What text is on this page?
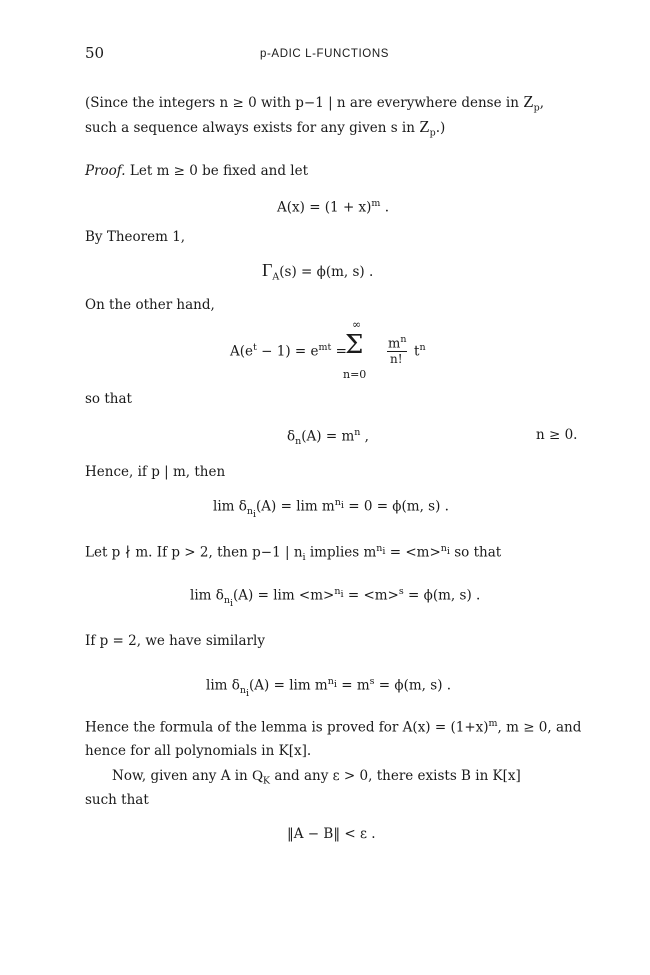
50	p-ADIC L-FUNCTIONS
(Since the integers n ≥ 0 with p−1 | n are everywhere dense in $Z_p$,
such a sequence always exists for any given s in $Z_p$.)
Proof. Let m ≥ 0 be fixed and let
$A(x) = (1 + x)^m$ .
By Theorem 1,
$\Gamma_A(s) = \phi(m$, s) .
On the other hand,
$A(e^t - 1) = e^{mt}$ =
∞
Σ
n=0
$m^n$
n! $t^n$
so that
$\delta_n(A) = m^n$ ,	n ≥ 0.
Hence, if p | m, then
$\lim \delta_{n_i}(A) = \lim m^{n_i} = 0 = \phi(m$, s) .
Let p ∤ m. If p > 2, then p−1 | $n_i$ implies $m^{n_i} = <m>^{n_i}$ so that
$\lim \delta_{n_i}(A) = \lim <m>^{n_i} = <m>^s = \phi(m$, s) .
If p = 2, we have similarly
$\lim \delta_{n_i}(A) = \lim m^{n_i} = m^s = \phi(m$, s) .
Hence the formula of the lemma is proved for $A(x) = (1+x)^m$, m ≥ 0, and
hence for all polynomials in K[x].
Now, given any A in $Q_K$ and any ε > 0, there exists B in K[x]
such that
‖A − B‖ < ε .
